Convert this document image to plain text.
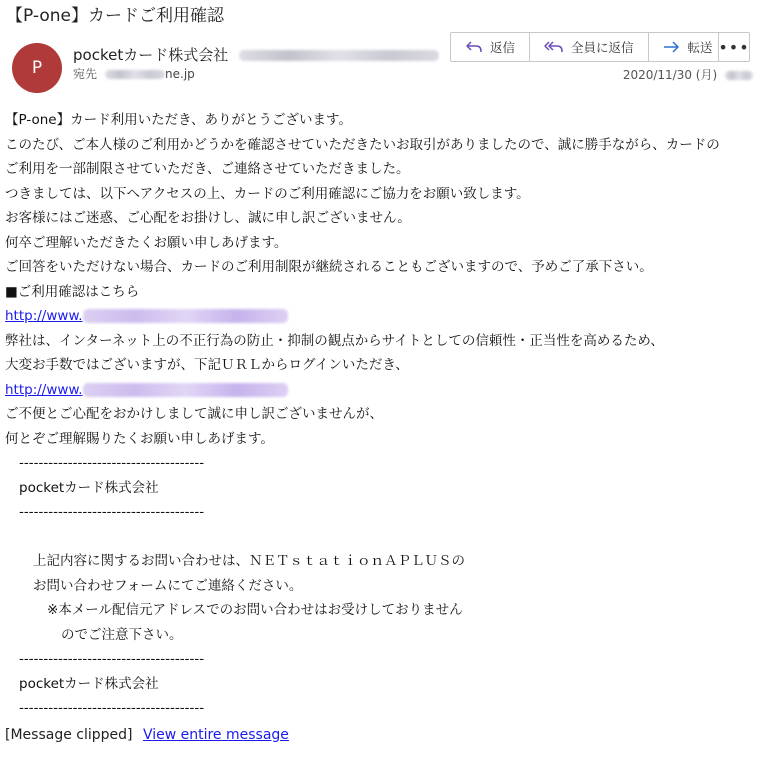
【P-one】カードご利用確認
P
pocketカード株式会社
宛先	ne.jp	2020/11/30 (月)
返信	全員に返信	転送 •••

【P-one】カード利用いただき、ありがとうございます。

このたび、ご本人様のご利用かどうかを確認させていただきたいお取引がありましたので、誠に勝手ながら、カードの

ご利用を一部制限させていただき、ご連絡させていただきました。

つきましては、以下へアクセスの上、カードのご利用確認にご協力をお願い致します。

お客様にはご迷惑、ご心配をお掛けし、誠に申し訳ございません。

何卒ご理解いただきたくお願い申しあげます。

ご回答をいただけない場合、カードのご利用制限が継続されることもございますので、予めご了承下さい。

■ご利用確認はこちら

http://www.

弊社は、インターネット上の不正行為の防止・抑制の観点からサイトとしての信頼性・正当性を高めるため、

大変お手数ではございますが、下記ＵＲＬからログインいただき、

http://www.

ご不便とご心配をおかけしまして誠に申し訳ございませんが、

何とぞご理解賜りたくお願い申しあげます。

--------------------------------------

pocketカード株式会社

--------------------------------------

上記内容に関するお問い合わせは、ＮＥＴｓｔａｔｉｏｎＡＰＬＵＳの

お問い合わせフォームにてご連絡ください。

※本メール配信元アドレスでのお問い合わせはお受けしておりません

のでご注意下さい。

--------------------------------------

pocketカード株式会社

--------------------------------------

[Message clipped] View entire message
